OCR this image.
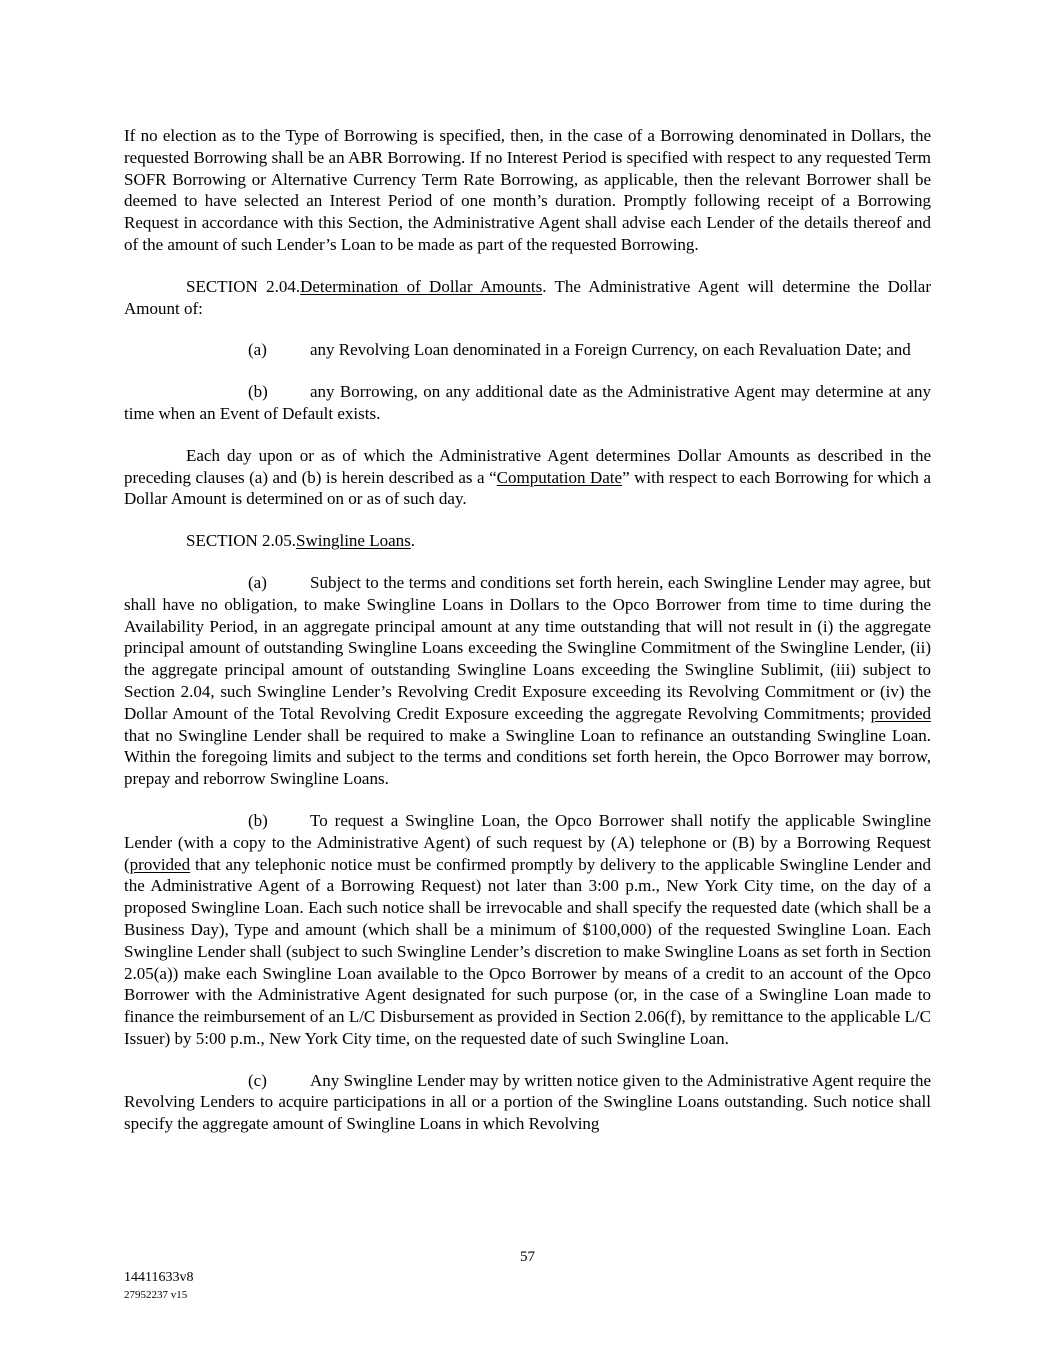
If no election as to the Type of Borrowing is specified, then, in the case of a Borrowing denominated in Dollars, the requested Borrowing shall be an ABR Borrowing. If no Interest Period is specified with respect to any requested Term SOFR Borrowing or Alternative Currency Term Rate Borrowing, as applicable, then the relevant Borrower shall be deemed to have selected an Interest Period of one month’s duration. Promptly following receipt of a Borrowing Request in accordance with this Section, the Administrative Agent shall advise each Lender of the details thereof and of the amount of such Lender’s Loan to be made as part of the requested Borrowing.

SECTION 2.04.Determination of Dollar Amounts. The Administrative Agent will determine the Dollar Amount of:

(a)	any Revolving Loan denominated in a Foreign Currency, on each Revaluation Date; and

(b) any Borrowing, on any additional date as the Administrative Agent may determine at any time when an Event of Default exists.

Each day upon or as of which the Administrative Agent determines Dollar Amounts as described in the preceding clauses (a) and (b) is herein described as a “Computation Date” with respect to each Borrowing for which a Dollar Amount is determined on or as of such day.

SECTION 2.05.Swingline Loans.

(a)	Subject to the terms and conditions set forth herein, each Swingline Lender may agree, but shall have no obligation, to make Swingline Loans in Dollars to the Opco Borrower from time to time during the Availability Period, in an aggregate principal amount at any time outstanding that will not result in (i) the aggregate principal amount of outstanding Swingline Loans exceeding the Swingline Commitment of the Swingline Lender, (ii) the aggregate principal amount of outstanding Swingline Loans exceeding the Swingline Sublimit, (iii) subject to Section 2.04, such Swingline Lender’s Revolving Credit Exposure exceeding its Revolving Commitment or (iv) the Dollar Amount of the Total Revolving Credit Exposure exceeding the aggregate Revolving Commitments; provided that no Swingline Lender shall be required to make a Swingline Loan to refinance an outstanding Swingline Loan. Within the foregoing limits and subject to the terms and conditions set forth herein, the Opco Borrower may borrow, prepay and reborrow Swingline Loans.

(b) To request a Swingline Loan, the Opco Borrower shall notify the applicable Swingline Lender (with a copy to the Administrative Agent) of such request by (A) telephone or (B) by a Borrowing Request (provided that any telephonic notice must be confirmed promptly by delivery to the applicable Swingline Lender and the Administrative Agent of a Borrowing Request) not later than 3:00 p.m., New York City time, on the day of a proposed Swingline Loan. Each such notice shall be irrevocable and shall specify the requested date (which shall be a Business Day), Type and amount (which shall be a minimum of $100,000) of the requested Swingline Loan. Each Swingline Lender shall (subject to such Swingline Lender’s discretion to make Swingline Loans as set forth in Section 2.05(a)) make each Swingline Loan available to the Opco Borrower by means of a credit to an account of the Opco Borrower with the Administrative Agent designated for such purpose (or, in the case of a Swingline Loan made to finance the reimbursement of an L/C Disbursement as provided in Section 2.06(f), by remittance to the applicable L/C Issuer) by 5:00 p.m., New York City time, on the requested date of such Swingline Loan.

(c)	Any Swingline Lender may by written notice given to the Administrative Agent require the Revolving Lenders to acquire participations in all or a portion of the Swingline Loans outstanding. Such notice shall specify the aggregate amount of Swingline Loans in which Revolving

57
14411633v8
27952237 v15
